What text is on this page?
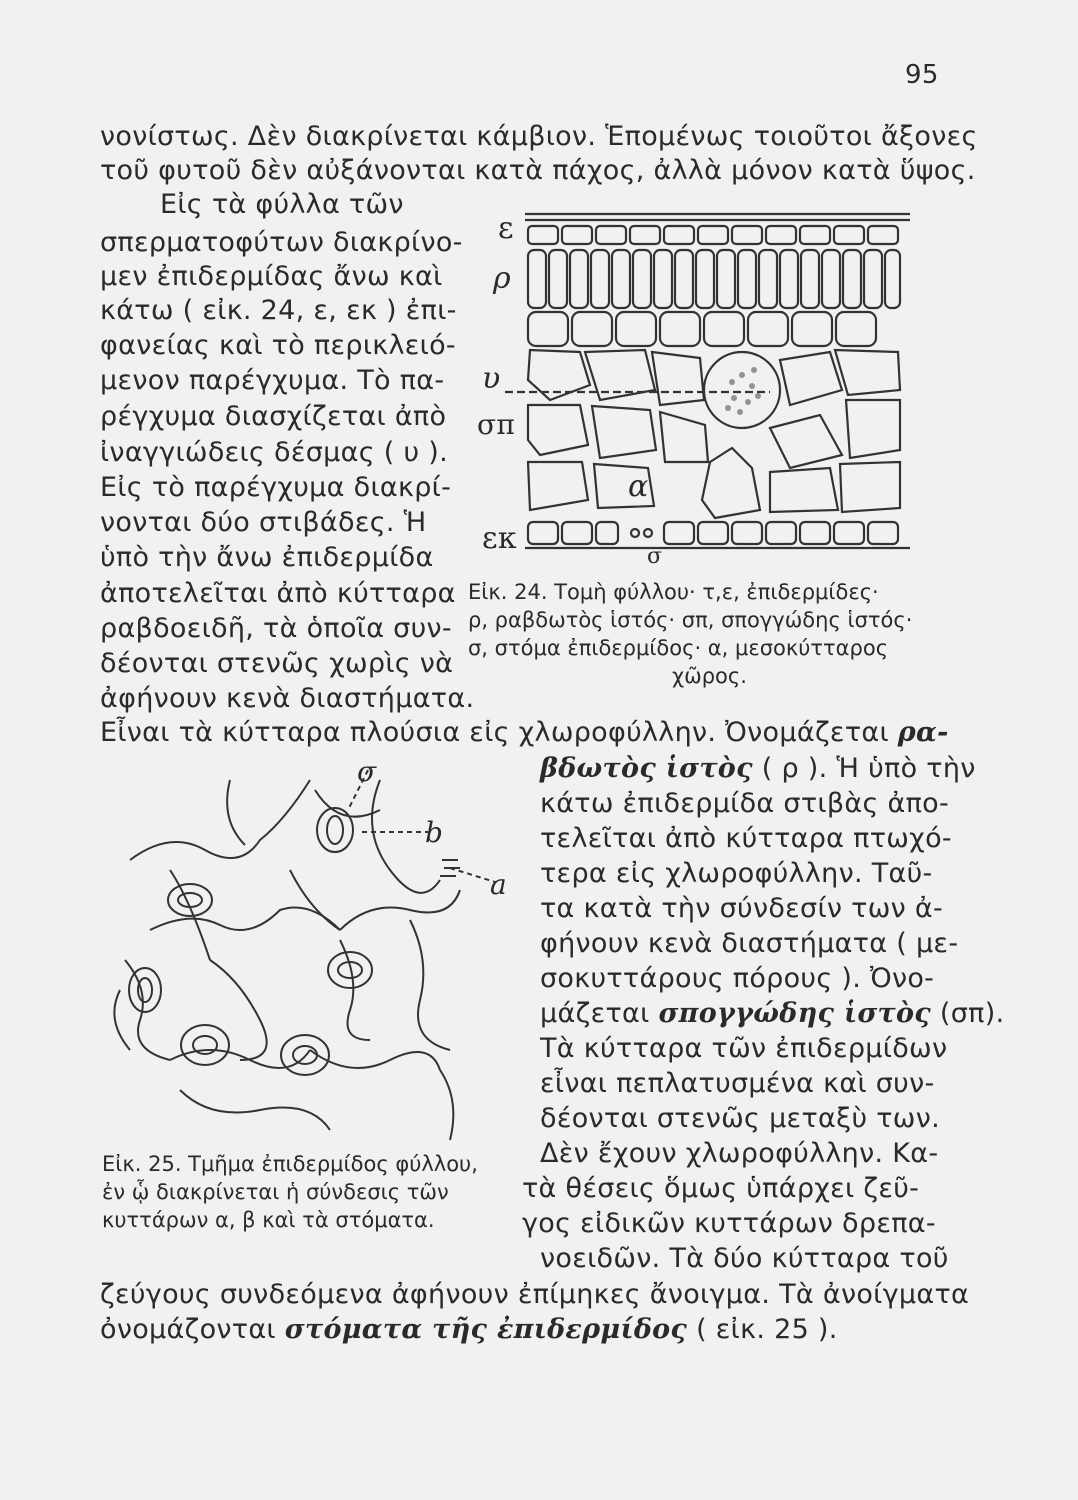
95
νονίστως. Δὲν διακρίνεται κάμβιον. Ἑπομένως τοιοῦτοι ἄξονες
τοῦ φυτοῦ δὲν αὐξάνονται κατὰ πάχος, ἀλλὰ μόνον κατὰ ὕψος.
Εἰς τὰ φύλλα τῶν
σπερματοφύτων διακρίνο-
μεν ἐπιδερμίδας ἄνω καὶ
κάτω ( εἰκ. 24, ε, εκ ) ἐπι-
φανείας καὶ τὸ περικλειό-
μενον παρέγχυμα. Τὸ πα-
ρέγχυμα διασχίζεται ἀπὸ
ἰναγγιώδεις δέσμας ( υ ).
Εἰς τὸ παρέγχυμα διακρί-
νονται δύο στιβάδες. Ἡ
ὑπὸ τὴν ἄνω ἐπιδερμίδα
ἀποτελεῖται ἀπὸ κύτταρα
ραβδοειδῆ, τὰ ὁποῖα συν-
δέονται στενῶς χωρὶς νὰ
ἀφήνουν κενὰ διαστήματα.
ε
ρ
υ
σπ
α
εκ
σ
Εἰκ. 24. Τομὴ φύλλου· τ,ε, ἐπιδερμίδες·
ρ, ραβδωτὸς ἱστός· σπ, σπογγώδης ἱστός·
σ, στόμα ἐπιδερμίδος· α, μεσοκύτταρος
χῶρος.
Εἶναι τὰ κύτταρα πλούσια εἰς χλωροφύλλην. Ὀνομάζεται ρα-
σ
b
a
Εἰκ. 25. Τμῆμα ἐπιδερμίδος φύλλου,
ἐν ᾧ διακρίνεται ἡ σύνδεσις τῶν
κυττάρων α, β καὶ τὰ στόματα.
βδωτὸς ἱστὸς ( ρ ). Ἡ ὑπὸ τὴν
κάτω ἐπιδερμίδα στιβὰς ἀπο-
τελεῖται ἀπὸ κύτταρα πτωχό-
τερα εἰς χλωροφύλλην. Ταῦ-
τα κατὰ τὴν σύνδεσίν των ἀ-
φήνουν κενὰ διαστήματα ( με-
σοκυττάρους πόρους ). Ὀνο-
μάζεται σπογγώδης ἱστὸς (σπ).
Τὰ κύτταρα τῶν ἐπιδερμίδων
εἶναι πεπλατυσμένα καὶ συν-
δέονται στενῶς μεταξὺ των.
Δὲν ἔχουν χλωροφύλλην. Κα-
τὰ θέσεις ὅμως ὑπάρχει ζεῦ-
γος εἰδικῶν κυττάρων δρεπα-
νοειδῶν. Τὰ δύο κύτταρα τοῦ
ζεύγους συνδεόμενα ἀφήνουν ἐπίμηκες ἄνοιγμα. Τὰ ἀνοίγματα
ὀνομάζονται στόματα τῆς ἐπιδερμίδος ( εἰκ. 25 ).
